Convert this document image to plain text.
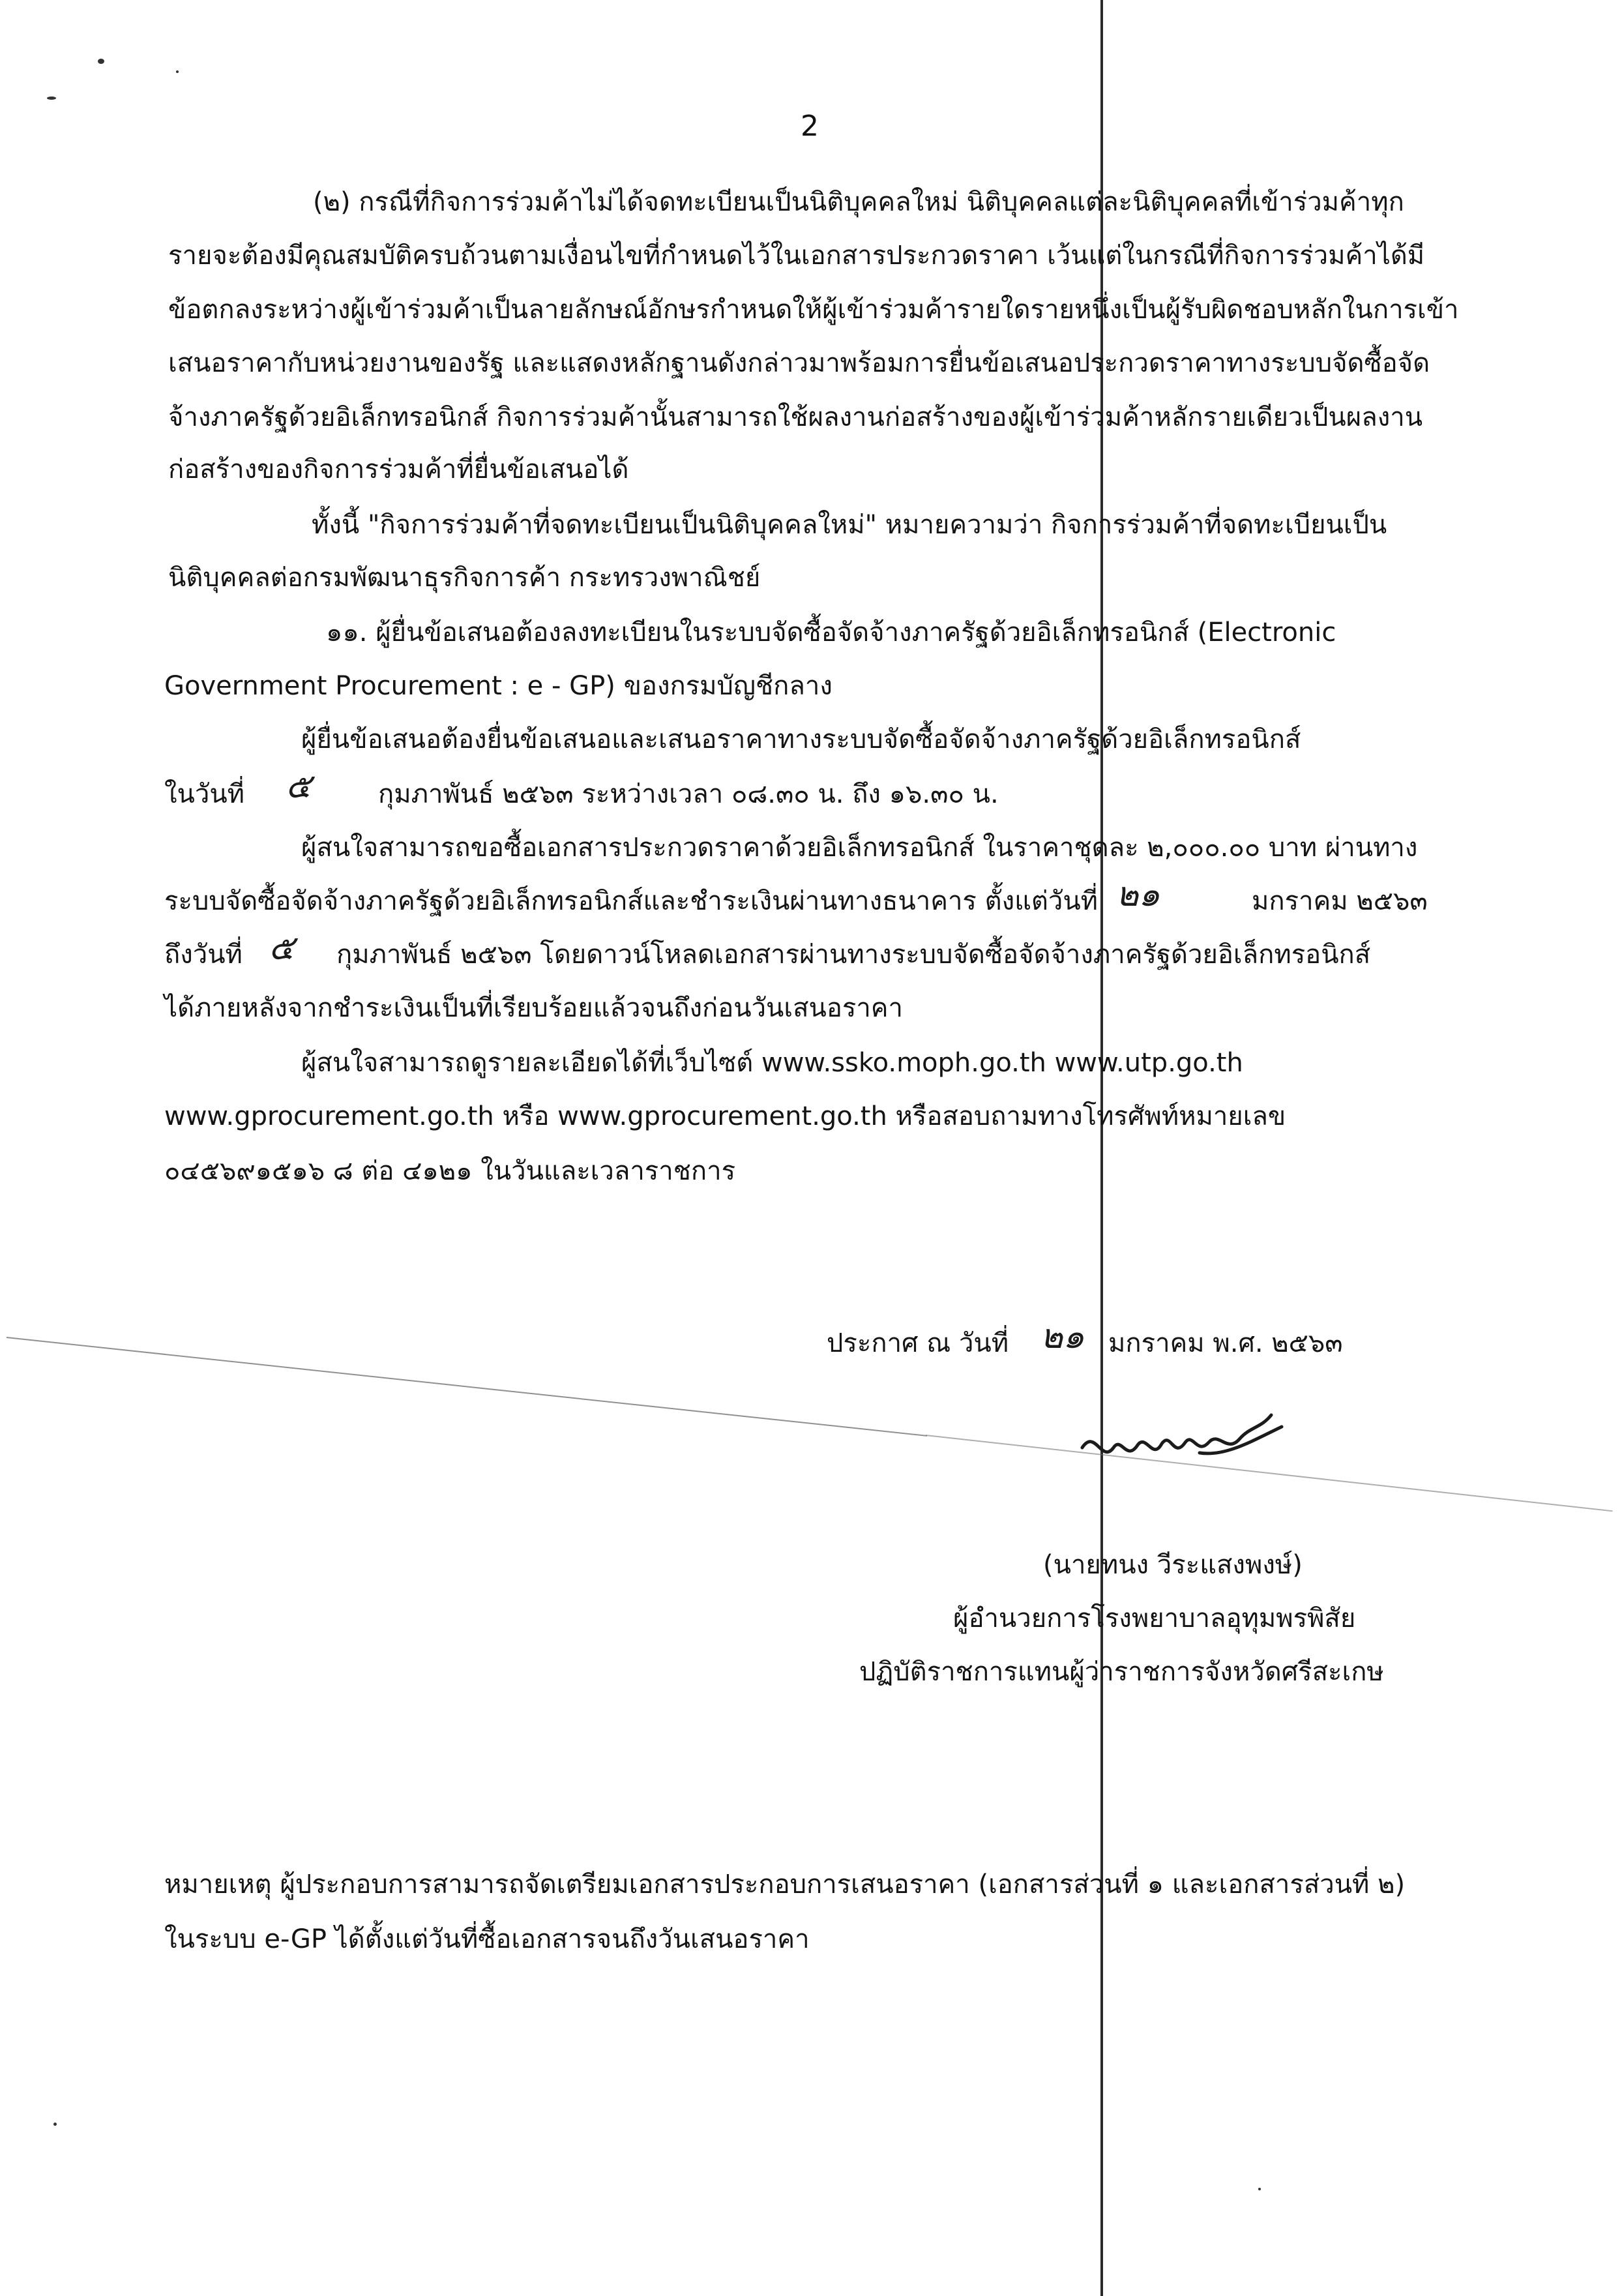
2
(๒) กรณีที่กิจการร่วมค้าไม่ได้จดทะเบียนเป็นนิติบุคคลใหม่ นิติบุคคลแต่ละนิติบุคคลที่เข้าร่วมค้าทุก
รายจะต้องมีคุณสมบัติครบถ้วนตามเงื่อนไขที่กำหนดไว้ในเอกสารประกวดราคา เว้นแต่ในกรณีที่กิจการร่วมค้าได้มี
ข้อตกลงระหว่างผู้เข้าร่วมค้าเป็นลายลักษณ์อักษรกำหนดให้ผู้เข้าร่วมค้ารายใดรายหนึ่งเป็นผู้รับผิดชอบหลักในการเข้า
เสนอราคากับหน่วยงานของรัฐ และแสดงหลักฐานดังกล่าวมาพร้อมการยื่นข้อเสนอประกวดราคาทางระบบจัดซื้อจัด
จ้างภาครัฐด้วยอิเล็กทรอนิกส์ กิจการร่วมค้านั้นสามารถใช้ผลงานก่อสร้างของผู้เข้าร่วมค้าหลักรายเดียวเป็นผลงาน
ก่อสร้างของกิจการร่วมค้าที่ยื่นข้อเสนอได้
ทั้งนี้ "กิจการร่วมค้าที่จดทะเบียนเป็นนิติบุคคลใหม่" หมายความว่า กิจการร่วมค้าที่จดทะเบียนเป็น
นิติบุคคลต่อกรมพัฒนาธุรกิจการค้า กระทรวงพาณิชย์
๑๑. ผู้ยื่นข้อเสนอต้องลงทะเบียนในระบบจัดซื้อจัดจ้างภาครัฐด้วยอิเล็กทรอนิกส์ (Electronic
Government Procurement : e - GP) ของกรมบัญชีกลาง
ผู้ยื่นข้อเสนอต้องยื่นข้อเสนอและเสนอราคาทางระบบจัดซื้อจัดจ้างภาครัฐด้วยอิเล็กทรอนิกส์
ในวันที่ ๕	กุมภาพันธ์ ๒๕๖๓ ระหว่างเวลา ๐๘.๓๐ น. ถึง ๑๖.๓๐ น.
ผู้สนใจสามารถขอซื้อเอกสารประกวดราคาด้วยอิเล็กทรอนิกส์ ในราคาชุดละ ๒,๐๐๐.๐๐ บาท ผ่านทาง
ระบบจัดซื้อจัดจ้างภาครัฐด้วยอิเล็กทรอนิกส์และชำระเงินผ่านทางธนาคาร ตั้งแต่วันที่ ๒๑	มกราคม ๒๕๖๓
ถึงวันที่ ๕ กุมภาพันธ์ ๒๕๖๓ โดยดาวน์โหลดเอกสารผ่านทางระบบจัดซื้อจัดจ้างภาครัฐด้วยอิเล็กทรอนิกส์
ได้ภายหลังจากชำระเงินเป็นที่เรียบร้อยแล้วจนถึงก่อนวันเสนอราคา
ผู้สนใจสามารถดูรายละเอียดได้ที่เว็บไซต์ www.ssko.moph.go.th www.utp.go.th
www.gprocurement.go.th หรือ www.gprocurement.go.th หรือสอบถามทางโทรศัพท์หมายเลข
๐๔๕๖๙๑๕๑๖ ๘ ต่อ ๔๑๒๑ ในวันและเวลาราชการ
ประกาศ ณ วันที่ ๒๑ มกราคม พ.ศ. ๒๕๖๓
(นายทนง วีระแสงพงษ์)
ผู้อำนวยการโรงพยาบาลอุทุมพรพิสัย
ปฏิบัติราชการแทนผู้ว่าราชการจังหวัดศรีสะเกษ
หมายเหตุ ผู้ประกอบการสามารถจัดเตรียมเอกสารประกอบการเสนอราคา (เอกสารส่วนที่ ๑ และเอกสารส่วนที่ ๒)
ในระบบ e-GP ได้ตั้งแต่วันที่ซื้อเอกสารจนถึงวันเสนอราคา
